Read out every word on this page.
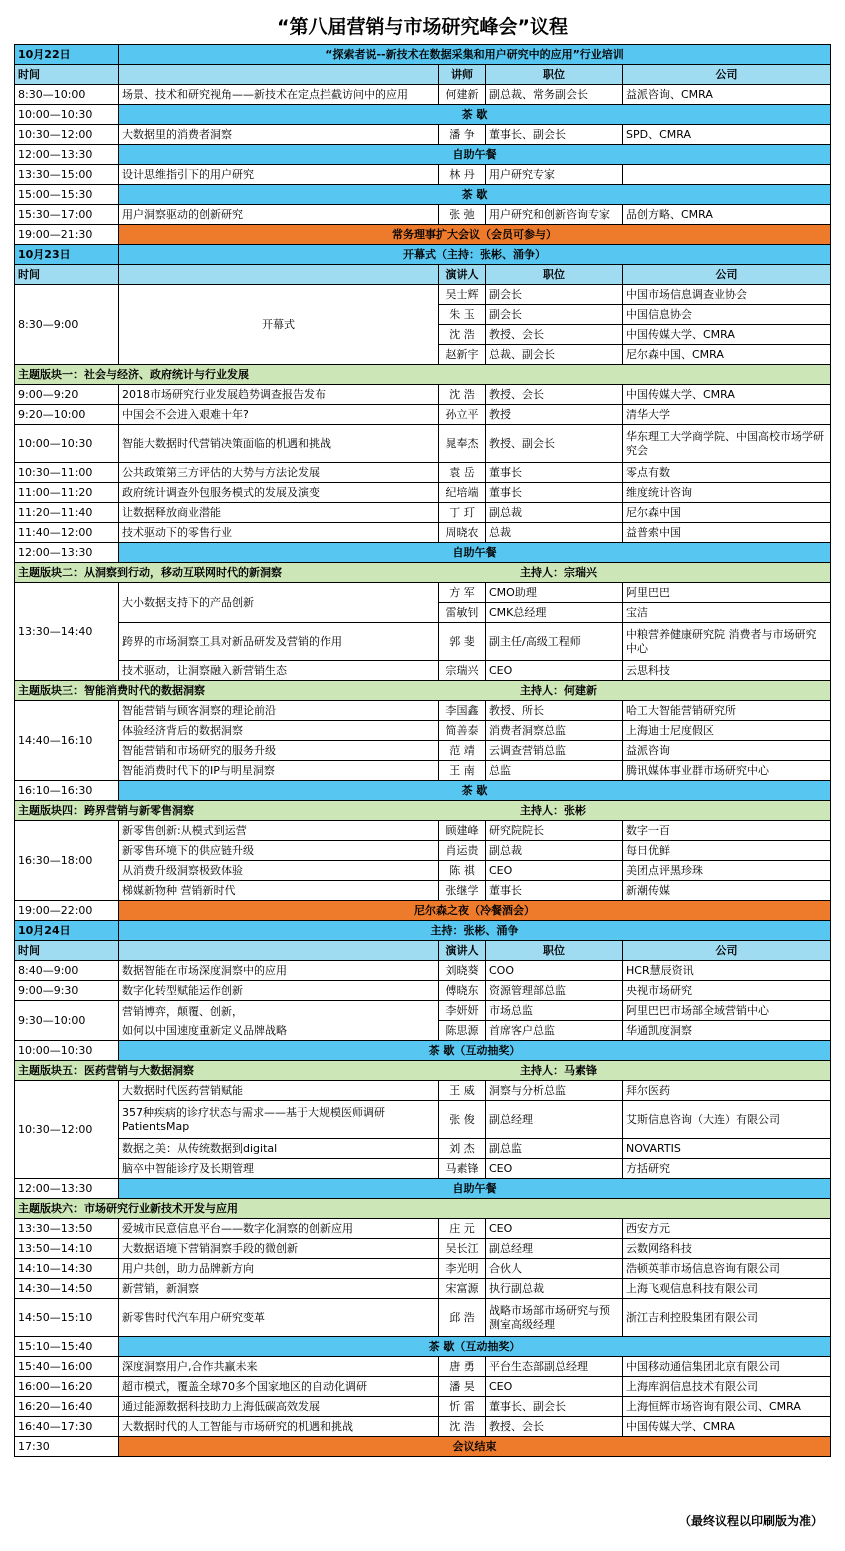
“第八届营销与市场研究峰会”议程
10月22日	“探索者说--新技术在数据采集和用户研究中的应用”行业培训			
时间		讲师	职位	公司
8:30—10:00	场景、技术和研究视角——新技术在定点拦截访问中的应用	何建新	副总裁、常务副会长	益派咨询、CMRA
10:00—10:30	茶 歇			
10:30—12:00	大数据里的消费者洞察	潘 争	董事长、副会长	SPD、CMRA
12:00—13:30	自助午餐			
13:30—15:00	设计思维指引下的用户研究	林 丹	用户研究专家	
15:00—15:30	茶 歇			
15:30—17:00	用户洞察驱动的创新研究	张 弛	用户研究和创新咨询专家	品创方略、CMRA
19:00—21:30	常务理事扩大会议（会员可参与）			
10月23日	开幕式（主持：张彬、涌争）			
时间		演讲人	职位	公司
8:30—9:00	开幕式	吴士辉	副会长	中国市场信息调查业协会
		朱 玉	副会长	中国信息协会
		沈 浩	教授、会长	中国传媒大学、CMRA
		赵新宇	总裁、副会长	尼尔森中国、CMRA
主题版块一：社会与经济、政府统计与行业发展				

9:00—9:20	2018市场研究行业发展趋势调查报告发布	沈 浩	教授、会长	中国传媒大学、CMRA
9:20—10:00	中国会不会进入艰难十年?	孙立平	教授	清华大学
10:00—10:30	智能大数据时代营销决策面临的机遇和挑战	晁奉杰	教授、副会长	华东理工大学商学院、中国高校市场学研究会
10:30—11:00	公共政策第三方评估的大势与方法论发展	袁 岳	董事长	零点有数
11:00—11:20	政府统计调查外包服务模式的发展及演变	纪培端	董事长	维度统计咨询
11:20—11:40	让数据释放商业潜能	丁 玎	副总裁	尼尔森中国
11:40—12:00	技术驱动下的零售行业	周晓农	总裁	益普索中国
12:00—13:30	自助午餐			
主题版块二：从洞察到行动，移动互联网时代的新洞察 主持人：宗瑞兴				

13:30—14:40	大小数据支持下的产品创新	方 军	CMO助理	阿里巴巴
		雷敏钊	CMK总经理	宝洁
	跨界的市场洞察工具对新品研发及营销的作用	郭 斐	副主任/高级工程师	中粮营养健康研究院 消费者与市场研究中心
	技术驱动，让洞察融入新营销生态	宗瑞兴	CEO	云思科技
主题版块三：智能消费时代的数据洞察 主持人：何建新				

14:40—16:10	智能营销与顾客洞察的理论前沿	李国鑫	教授、所长	哈工大智能营销研究所
	体验经济背后的数据洞察	简善泰	消费者洞察总监	上海迪士尼度假区
	智能营销和市场研究的服务升级	范 靖	云调查营销总监	益派咨询
	智能消费时代下的IP与明星洞察	王 南	总监	腾讯媒体事业群市场研究中心
16:10—16:30	茶 歇			
主题版块四：跨界营销与新零售洞察 主持人：张彬				

16:30—18:00	新零售创新:从模式到运营	顾建峰	研究院院长	数字一百
	新零售环境下的供应链升级	肖运贵	副总裁	每日优鲜
	从消费升级洞察极致体验	陈 祺	CEO	美团点评黑珍珠
	梯媒新物种 营销新时代	张继学	董事长	新潮传媒
19:00—22:00	尼尔森之夜（冷餐酒会）			
10月24日	主持：张彬、涌争			
时间		演讲人	职位	公司
8:40—9:00	数据智能在市场深度洞察中的应用	刘晓葵	COO	HCR慧辰资讯
9:00—9:30	数字化转型赋能运作创新	傅晓东	资源管理部总监	央视市场研究
9:30—10:00	营销博弈，颠覆、创新，
如何以中国速度重新定义品牌战略	李妍妍	市场总监	阿里巴巴市场部全域营销中心
		陈思源	首席客户总监	华通凯度洞察
10:00—10:30	茶 歇（互动抽奖）			
主题版块五：医药营销与大数据洞察 主持人：马素锋				

10:30—12:00	大数据时代医药营销赋能	王 威	洞察与分析总监	拜尔医药
	357种疾病的诊疗状态与需求——基于大规模医师调研PatientsMap	张 俊	副总经理	艾斯信息咨询（大连）有限公司
	数据之美：从传统数据到digital	刘 杰	副总监	NOVARTIS
	脑卒中智能诊疗及长期管理	马素锋	CEO	方括研究
12:00—13:30	自助午餐			
主题版块六：市场研究行业新技术开发与应用				

13:30—13:50	爱城市民意信息平台——数字化洞察的创新应用	庄 元	CEO	西安方元
13:50—14:10	大数据语境下营销洞察手段的微创新	吴长江	副总经理	云数网络科技
14:10—14:30	用户共创，助力品牌新方向	李光明	合伙人	浩顿英菲市场信息咨询有限公司
14:30—14:50	新营销，新洞察	宋富源	执行副总裁	上海飞观信息科技有限公司
14:50—15:10	新零售时代汽车用户研究变革	邱 浩	战略市场部市场研究与预测室高级经理	浙江吉利控股集团有限公司
15:10—15:40	茶 歇（互动抽奖）			
15:40—16:00	深度洞察用户,合作共赢未来	唐 勇	平台生态部副总经理	中国移动通信集团北京有限公司
16:00—16:20	超市模式，覆盖全球70多个国家地区的自动化调研	潘 昊	CEO	上海库润信息技术有限公司
16:20—16:40	通过能源数据科技助力上海低碳高效发展	忻 雷	董事长、副会长	上海恒辉市场咨询有限公司、CMRA
16:40—17:30	大数据时代的人工智能与市场研究的机遇和挑战	沈 浩	教授、会长	中国传媒大学、CMRA
17:30	会议结束			
（最终议程以印刷版为准）
